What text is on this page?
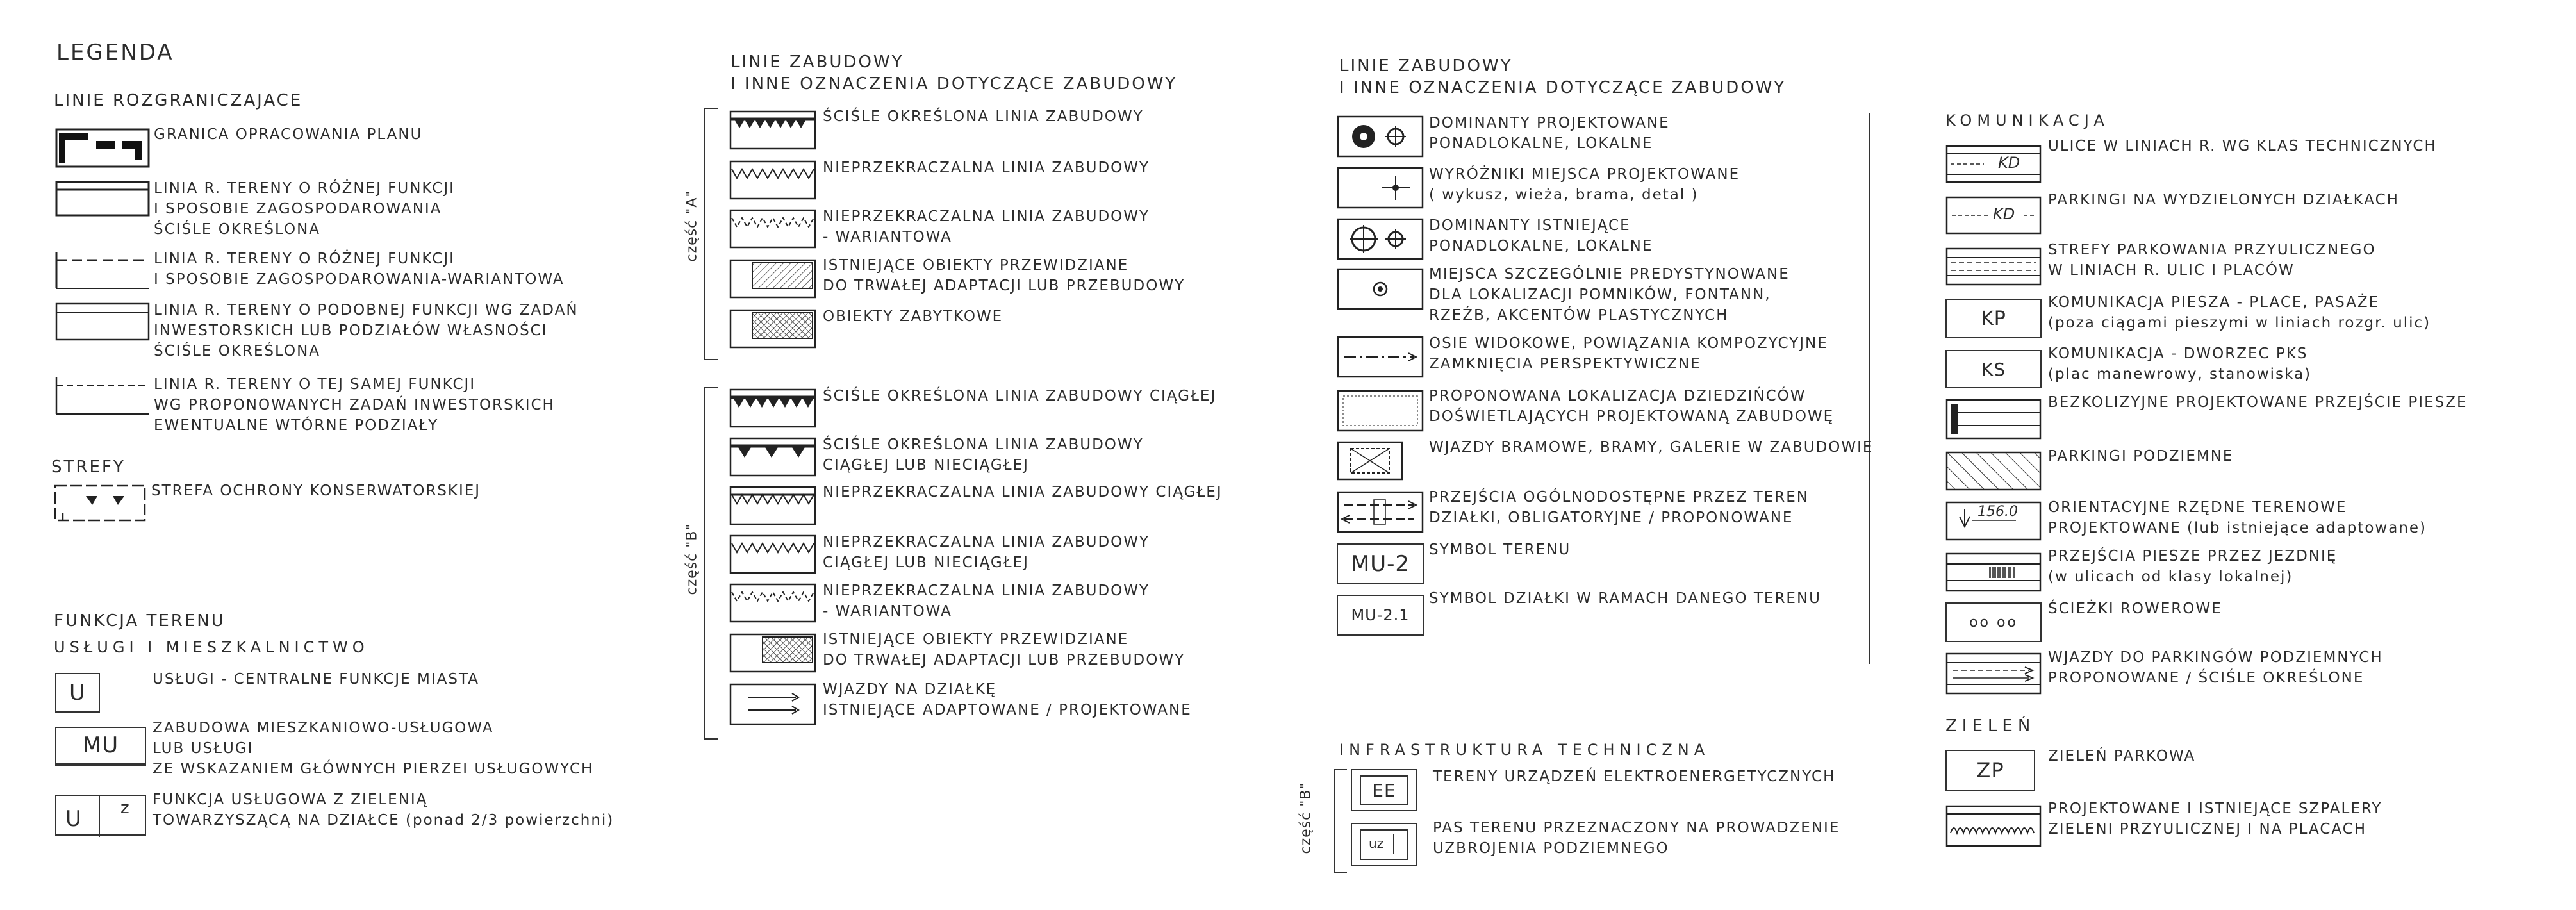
LEGENDA
LINIE ROZGRANICZAJACE
GRANICA OPRACOWANIA PLANU
LINIA R. TERENY O RÓŻNEJ FUNKCJI
I SPOSOBIE ZAGOSPODAROWANIA
ŚCIŚLE OKREŚLONA
LINIA R. TERENY O RÓŻNEJ FUNKCJI
I SPOSOBIE ZAGOSPODAROWANIA-WARIANTOWA
LINIA R. TERENY O PODOBNEJ FUNKCJI WG ZADAŃ
INWESTORSKICH LUB PODZIAŁÓW WŁASNOŚCI
ŚCIŚLE OKREŚLONA
LINIA R. TERENY O TEJ SAMEJ FUNKCJI
WG PROPONOWANYCH ZADAŃ INWESTORSKICH
EWENTUALNE WTÓRNE PODZIAŁY
STREFY
STREFA OCHRONY KONSERWATORSKIEJ
FUNKCJA TERENU
USŁUGI I MIESZKALNICTWO
U
USŁUGI - CENTRALNE FUNKCJE MIASTA
MU
ZABUDOWA MIESZKANIOWO-USŁUGOWA
LUB USŁUGI
ZE WSKAZANIEM GŁÓWNYCH PIERZEI USŁUGOWYCH
U z FUNKCJA USŁUGOWA Z ZIELENIĄ
TOWARZYSZĄCĄ NA DZIAŁCE (ponad 2/3 powierzchni)
LINIE ZABUDOWY
I INNE OZNACZENIA DOTYCZĄCE ZABUDOWY
część "A"
ŚCIŚLE OKREŚLONA LINIA ZABUDOWY
NIEPRZEKRACZALNA LINIA ZABUDOWY
NIEPRZEKRACZALNA LINIA ZABUDOWY
- WARIANTOWA
ISTNIEJĄCE OBIEKTY PRZEWIDZIANE
DO TRWAŁEJ ADAPTACJI LUB PRZEBUDOWY
OBIEKTY ZABYTKOWE
część "B"
ŚCIŚLE OKREŚLONA LINIA ZABUDOWY CIĄGŁEJ
ŚCIŚLE OKREŚLONA LINIA ZABUDOWY
CIĄGŁEJ LUB NIECIĄGŁEJ
NIEPRZEKRACZALNA LINIA ZABUDOWY CIĄGŁEJ
NIEPRZEKRACZALNA LINIA ZABUDOWY
CIĄGŁEJ LUB NIECIĄGŁEJ
NIEPRZEKRACZALNA LINIA ZABUDOWY
- WARIANTOWA
ISTNIEJĄCE OBIEKTY PRZEWIDZIANE
DO TRWAŁEJ ADAPTACJI LUB PRZEBUDOWY
WJAZDY NA DZIAŁKĘ
ISTNIEJĄCE ADAPTOWANE / PROJEKTOWANE
LINIE ZABUDOWY
I INNE OZNACZENIA DOTYCZĄCE ZABUDOWY
DOMINANTY PROJEKTOWANE
PONADLOKALNE, LOKALNE
WYRÓŻNIKI MIEJSCA PROJEKTOWANE
( wykusz, wieża, brama, detal )
DOMINANTY ISTNIEJĄCE
PONADLOKALNE, LOKALNE
MIEJSCA SZCZEGÓLNIE PREDYSTYNOWANE
DLA LOKALIZACJI POMNIKÓW, FONTANN,
RZEŹB, AKCENTÓW PLASTYCZNYCH
OSIE WIDOKOWE, POWIĄZANIA KOMPOZYCYJNE
ZAMKNIĘCIA PERSPEKTYWICZNE
PROPONOWANA LOKALIZACJA DZIEDZIŃCÓW
DOŚWIETLAJĄCYCH PROJEKTOWANĄ ZABUDOWĘ
WJAZDY BRAMOWE, BRAMY, GALERIE W ZABUDOWIE
PRZEJŚCIA OGÓLNODOSTĘPNE PRZEZ TEREN
DZIAŁKI, OBLIGATORYJNE / PROPONOWANE
MU-2
SYMBOL TERENU
MU-2.1
SYMBOL DZIAŁKI W RAMACH DANEGO TERENU
INFRASTRUKTURA TECHNICZNA
część "B"	EE
TERENY URZĄDZEŃ ELEKTROENERGETYCZNYCH
uz
PAS TERENU PRZEZNACZONY NA PROWADZENIE
UZBROJENIA PODZIEMNEGO
KOMUNIKACJA
KD
ULICE W LINIACH R. WG KLAS TECHNICZNYCH
KD
PARKINGI NA WYDZIELONYCH DZIAŁKACH
STREFY PARKOWANIA PRZYULICZNEGO
W LINIACH R. ULIC I PLACÓW
KP
KOMUNIKACJA PIESZA - PLACE, PASAŻE
(poza ciągami pieszymi w liniach rozgr. ulic)
KS
KOMUNIKACJA - DWORZEC PKS
(plac manewrowy, stanowiska)
BEZKOLIZYJNE PROJEKTOWANE PRZEJŚCIE PIESZE
PARKINGI PODZIEMNE
156.0 ORIENTACYJNE RZĘDNE TERENOWE
PROJEKTOWANE (lub istniejące adaptowane)
PRZEJŚCIA PIESZE PRZEZ JEZDNIĘ
(w ulicach od klasy lokalnej)
oo oo
ŚCIEŻKI ROWEROWE
WJAZDY DO PARKINGÓW PODZIEMNYCH
PROPONOWANE / ŚCIŚLE OKREŚLONE
ZIELEŃ
ZP
ZIELEŃ PARKOWA
PROJEKTOWANE I ISTNIEJĄCE SZPALERY
ZIELENI PRZYULICZNEJ I NA PLACACH
